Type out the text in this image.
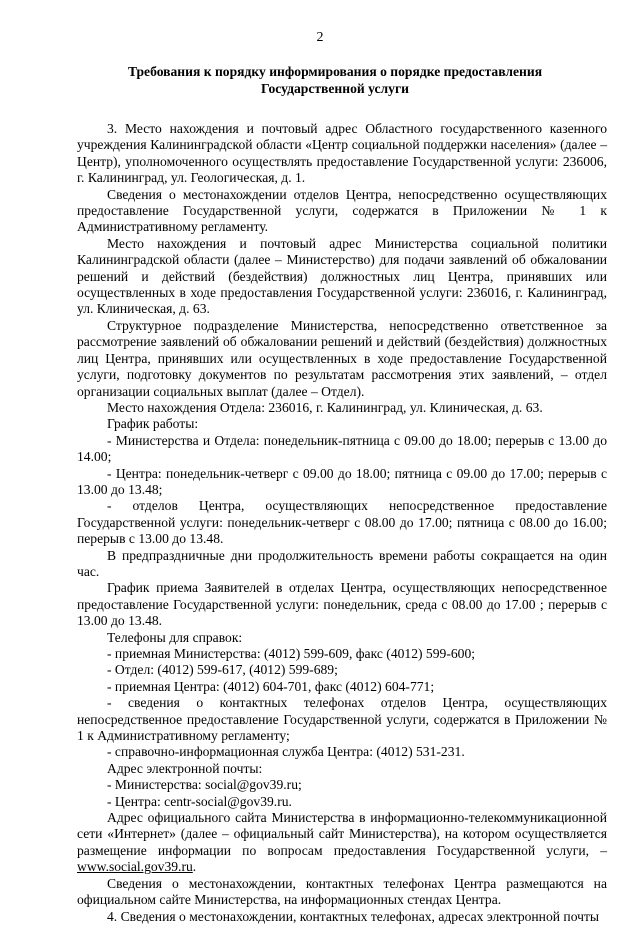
2
Требования к порядку информирования о порядке предоставления Государственной услуги

3. Место нахождения и почтовый адрес Областного государственного казенного учреждения Калининградской области «Центр социальной поддержки населения» (далее – Центр), уполномоченного осуществлять предоставление Государственной услуги: 236006, г. Калининград, ул. Геологическая, д. 1.

Сведения о местонахождении отделов Центра, непосредственно осуществляющих предоставление Государственной услуги, содержатся в Приложении № 1 к Административному регламенту.

Место нахождения и почтовый адрес Министерства социальной политики Калининградской области (далее – Министерство) для подачи заявлений об обжаловании решений и действий (бездействия) должностных лиц Центра, принявших или осуществленных в ходе предоставления Государственной услуги: 236016, г. Калининград, ул. Клиническая, д. 63.

Структурное подразделение Министерства, непосредственно ответственное за рассмотрение заявлений об обжаловании решений и действий (бездействия) должностных лиц Центра, принявших или осуществленных в ходе предоставление Государственной услуги, подготовку документов по результатам рассмотрения этих заявлений, – отдел организации социальных выплат (далее – Отдел).

Место нахождения Отдела: 236016, г. Калининград, ул. Клиническая, д. 63.

График работы:

- Министерства и Отдела: понедельник-пятница с 09.00 до 18.00; перерыв с 13.00 до 14.00;

- Центра: понедельник-четверг с 09.00 до 18.00; пятница с 09.00 до 17.00; перерыв с 13.00 до 13.48;

- отделов Центра, осуществляющих непосредственное предоставление Государственной услуги: понедельник-четверг с 08.00 до 17.00; пятница с 08.00 до 16.00; перерыв с 13.00 до 13.48.

В предпраздничные дни продолжительность времени работы сокращается на один час.

График приема Заявителей в отделах Центра, осуществляющих непосредственное предоставление Государственной услуги: понедельник, среда с 08.00 до 17.00 ; перерыв с 13.00 до 13.48.

Телефоны для справок:

- приемная Министерства: (4012) 599-609, факс (4012) 599-600;

- Отдел: (4012) 599-617, (4012) 599-689;

- приемная Центра: (4012) 604-701, факс (4012) 604-771;

- сведения о контактных телефонах отделов Центра, осуществляющих непосредственное предоставление Государственной услуги, содержатся в Приложении № 1 к Административному регламенту;

- справочно-информационная служба Центра: (4012) 531-231.

Адрес электронной почты:

- Министерства: social@gov39.ru;

- Центра: centr-social@gov39.ru.

Адрес официального сайта Министерства в информационно-телекоммуникационной сети «Интернет» (далее – официальный сайт Министерства), на котором осуществляется размещение информации по вопросам предоставления Государственной услуги, – www.social.gov39.ru.

Сведения о местонахождении, контактных телефонах Центра размещаются на официальном сайте Министерства, на информационных стендах Центра.

4. Сведения о местонахождении, контактных телефонах, адресах электронной почты
